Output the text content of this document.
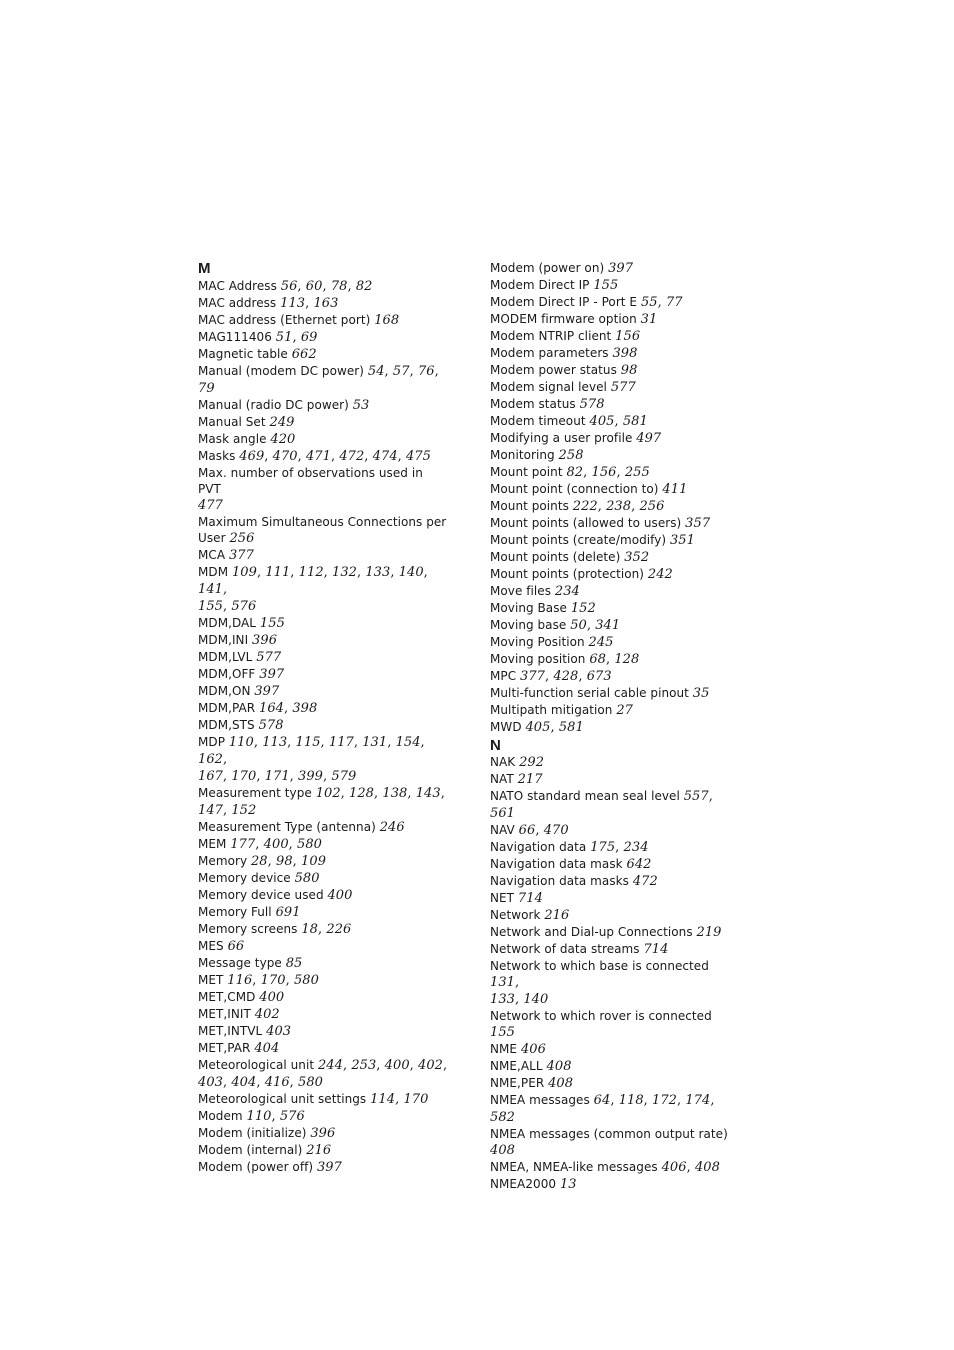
M
MAC Address 56, 60, 78, 82
MAC address 113, 163
MAC address (Ethernet port) 168
MAG111406 51, 69
Magnetic table 662
Manual (modem DC power) 54, 57, 76, 79
Manual (radio DC power) 53
Manual Set 249
Mask angle 420
Masks 469, 470, 471, 472, 474, 475
Max. number of observations used in PVT
477
Maximum Simultaneous Connections per
User 256
MCA 377
MDM 109, 111, 112, 132, 133, 140, 141,
155, 576
MDM,DAL 155
MDM,INI 396
MDM,LVL 577
MDM,OFF 397
MDM,ON 397
MDM,PAR 164, 398
MDM,STS 578
MDP 110, 113, 115, 117, 131, 154, 162,
167, 170, 171, 399, 579
Measurement type 102, 128, 138, 143,
147, 152
Measurement Type (antenna) 246
MEM 177, 400, 580
Memory 28, 98, 109
Memory device 580
Memory device used 400
Memory Full 691
Memory screens 18, 226
MES 66
Message type 85
MET 116, 170, 580
MET,CMD 400
MET,INIT 402
MET,INTVL 403
MET,PAR 404
Meteorological unit 244, 253, 400, 402,
403, 404, 416, 580
Meteorological unit settings 114, 170
Modem 110, 576
Modem (initialize) 396
Modem (internal) 216
Modem (power off) 397
Modem (power on) 397
Modem Direct IP 155
Modem Direct IP - Port E 55, 77
MODEM firmware option 31
Modem NTRIP client 156
Modem parameters 398
Modem power status 98
Modem signal level 577
Modem status 578
Modem timeout 405, 581
Modifying a user profile 497
Monitoring 258
Mount point 82, 156, 255
Mount point (connection to) 411
Mount points 222, 238, 256
Mount points (allowed to users) 357
Mount points (create/modify) 351
Mount points (delete) 352
Mount points (protection) 242
Move files 234
Moving Base 152
Moving base 50, 341
Moving Position 245
Moving position 68, 128
MPC 377, 428, 673
Multi-function serial cable pinout 35
Multipath mitigation 27
MWD 405, 581
N
NAK 292
NAT 217
NATO standard mean seal level 557, 561
NAV 66, 470
Navigation data 175, 234
Navigation data mask 642
Navigation data masks 472
NET 714
Network 216
Network and Dial-up Connections 219
Network of data streams 714
Network to which base is connected 131,
133, 140
Network to which rover is connected 155
NME 406
NME,ALL 408
NME,PER 408
NMEA messages 64, 118, 172, 174, 582
NMEA messages (common output rate) 408
NMEA, NMEA-like messages 406, 408
NMEA2000 13
